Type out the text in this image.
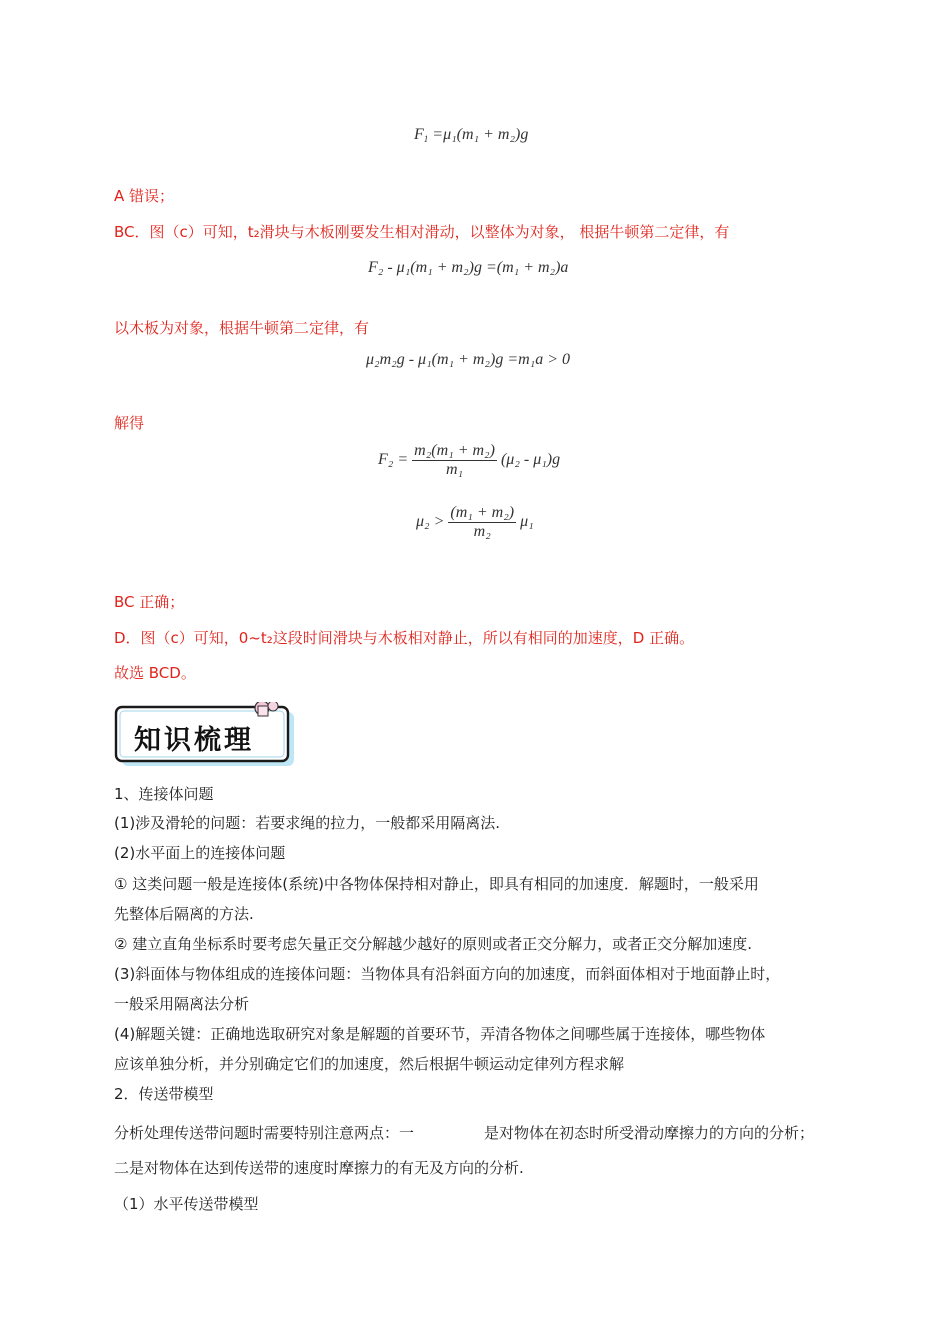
$F_1 =\mu_1(m_1 + m_2)g$
A 错误；
BC．图（c）可知，t₂滑块与木板刚要发生相对滑动，以整体为对象， 根据牛顿第二定律，有
F₂ - μ₁(m₁ + m₂)g =(m₁ + m₂)a
以木板为对象，根据牛顿第二定律，有
μ₂m₂g - μ₁(m₁ + m₂)g =m₁a > 0
解得
$F_2 = \frac{\text{m₂(m₁ + m₂)}}{\text{m₁}} (\mu_2 - \mu_1)g$
$\mu_2 > \frac{\text{(m₁ + m₂)}}{\text{m₂}} \mu_1$
BC 正确；
D．图（c）可知，0~t₂这段时间滑块与木板相对静止，所以有相同的加速度，D 正确。
故选 BCD。
知识梳理
1、连接体问题
(1)涉及滑轮的问题：若要求绳的拉力，一般都采用隔离法.
(2)水平面上的连接体问题
① 这类问题一般是连接体(系统)中各物体保持相对静止，即具有相同的加速度．解题时，一般采用
先整体后隔离的方法.
② 建立直角坐标系时要考虑矢量正交分解越少越好的原则或者正交分解力，或者正交分解加速度.
(3)斜面体与物体组成的连接体问题：当物体具有沿斜面方向的加速度，而斜面体相对于地面静止时，
一般采用隔离法分析
(4)解题关键：正确地选取研究对象是解题的首要环节，弄清各物体之间哪些属于连接体，哪些物体
应该单独分析，并分别确定它们的加速度，然后根据牛顿运动定律列方程求解
2．传送带模型
分析处理传送带问题时需要特别注意两点：一	是对物体在初态时所受滑动摩擦力的方向的分析；
二是对物体在达到传送带的速度时摩擦力的有无及方向的分析.
（1）水平传送带模型
